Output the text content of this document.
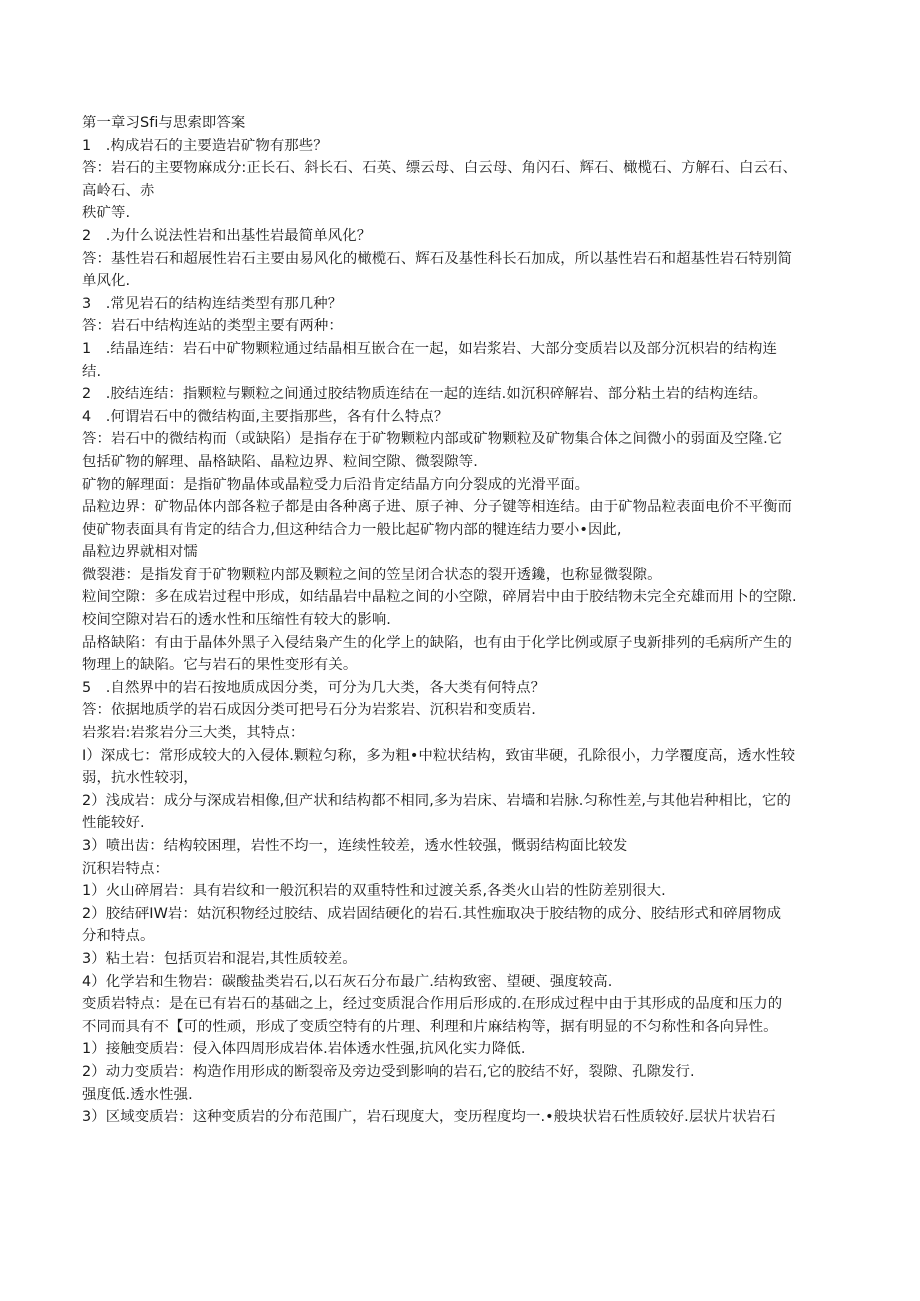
第一章习Sfi与思索即答案
1　.构成岩石的主要造岩矿物有那些？
答：岩石的主要物麻成分:正长石、斜长石、石英、缥云母、白云母、角闪石、辉石、橄榄石、方解石、白云石、
高岭石、赤
秩矿等.
2　.为什么说法性岩和出基性岩最简单风化？
答：基性岩石和超展性岩石主要由易风化的橄榄石、辉石及基性科长石加成，所以基性岩石和超基性岩石特别简
单风化.
3　.常见岩石的结构连结类型有那几种？
答：岩石中结构连站的类型主要有两种：
1　.结晶连结：岩石中矿物颗粒通过结晶相互嵌合在一起，如岩浆岩、大部分变质岩以及部分沉枳岩的结构连
结.
2　.胶结连结：指颗粒与颗粒之间通过胶结物质连结在一起的连结.如沉积碎解岩、部分粘土岩的结构连结。
4　.何谓岩石中的微结构面,主要指那些，各有什么特点？
答：岩石中的微结构而（或缺陷）是指存在于矿物颗粒内部或矿物颗粒及矿物集合体之间微小的弱面及空隆.它
包括矿物的解理、晶格缺陷、晶粒边界、粒间空隙、微裂隙等.
矿物的解理面：是指矿物晶体或晶粒受力后沿肯定结晶方向分裂成的光滑平面。
品粒边界：矿物品体内部各粒子都是由各种离子进、原子神、分子键等相连结。由于矿物品粒表面电价不平衡而
使矿物表面具有肯定的结合力,但这种结合力一般比起矿物内部的犍连结力要小•因此,
晶粒边界就相对懦
微裂港：是指发育于矿物颗粒内部及颗粒之间的笠呈闭合状态的裂开透鑱，也称显微裂隙。
粒间空隙：多在成岩过程中形成，如结晶岩中晶粒之间的小空隙，碎屑岩中由于胶结物未完全充雄而用卜的空隙.
校间空隙对岩石的透水性和压缩性有较大的影响.
品格缺陷：有由于晶体外黑子入侵结枭产生的化学上的缺陷，也有由于化学比例或原子曳新排列的毛病所产生的
物理上的缺陷。它与岩石的果性变形有关。
5　.自然界中的岩石按地质成因分类，可分为几大类，各大类有何特点？
答：依据地质学的岩石成因分类可把号石分为岩浆岩、沉积岩和变质岩.
岩浆岩:岩浆岩分三大类，其特点：
I）深成七：常形成较大的入侵体.颗粒匀称，多为粗•中粒状结构，致宙芈硬，孔除很小，力学覆度高，透水性较
弱，抗水性较羽，
2）浅成岩：成分与深成岩相像,但产状和结构都不相同,多为岩床、岩墙和岩脉.匀称性差,与其他岩种相比，它的
性能较好.
3）喷出齿：结构较困理，岩性不均一，连续性较差，透水性较强，慨弱结构面比较发
沉积岩特点：
1）火山碎屑岩：具有岩纹和一般沉积岩的双重特性和过渡关系,各类火山岩的性防差别很大.
2）胶结砰IW岩：姑沉积物经过胶结、成岩固结硬化的岩石.其性痂取决于胶结物的成分、胶结形式和碎屑物成
分和特点。
3）粘土岩：包括页岩和混岩,其性质较差。
4）化学岩和生物岩：碳酸盐类岩石,以石灰石分布最广.结构致密、望硬、强度较高.
变质岩特点：是在已有岩石的基础之上，经过变质混合作用后形成的.在形成过程中由于其形成的品度和压力的
不同而具有不【可的性顽，形成了变质空特有的片理、利理和片麻结构等，据有明显的不匀称性和各向异性。
1）接触变质岩：侵入体四周形成岩体.岩体透水性强,抗风化实力降低.
2）动力变质岩：构造作用形成的断裂帝及旁边受到影响的岩石,它的胶结不好，裂隙、孔隙发行.
强度低.透水性强.
3）区域变质岩：这种变质岩的分布范围广，岩石现度大，变历程度均一.•般块状岩石性质较好.层状片状岩石
